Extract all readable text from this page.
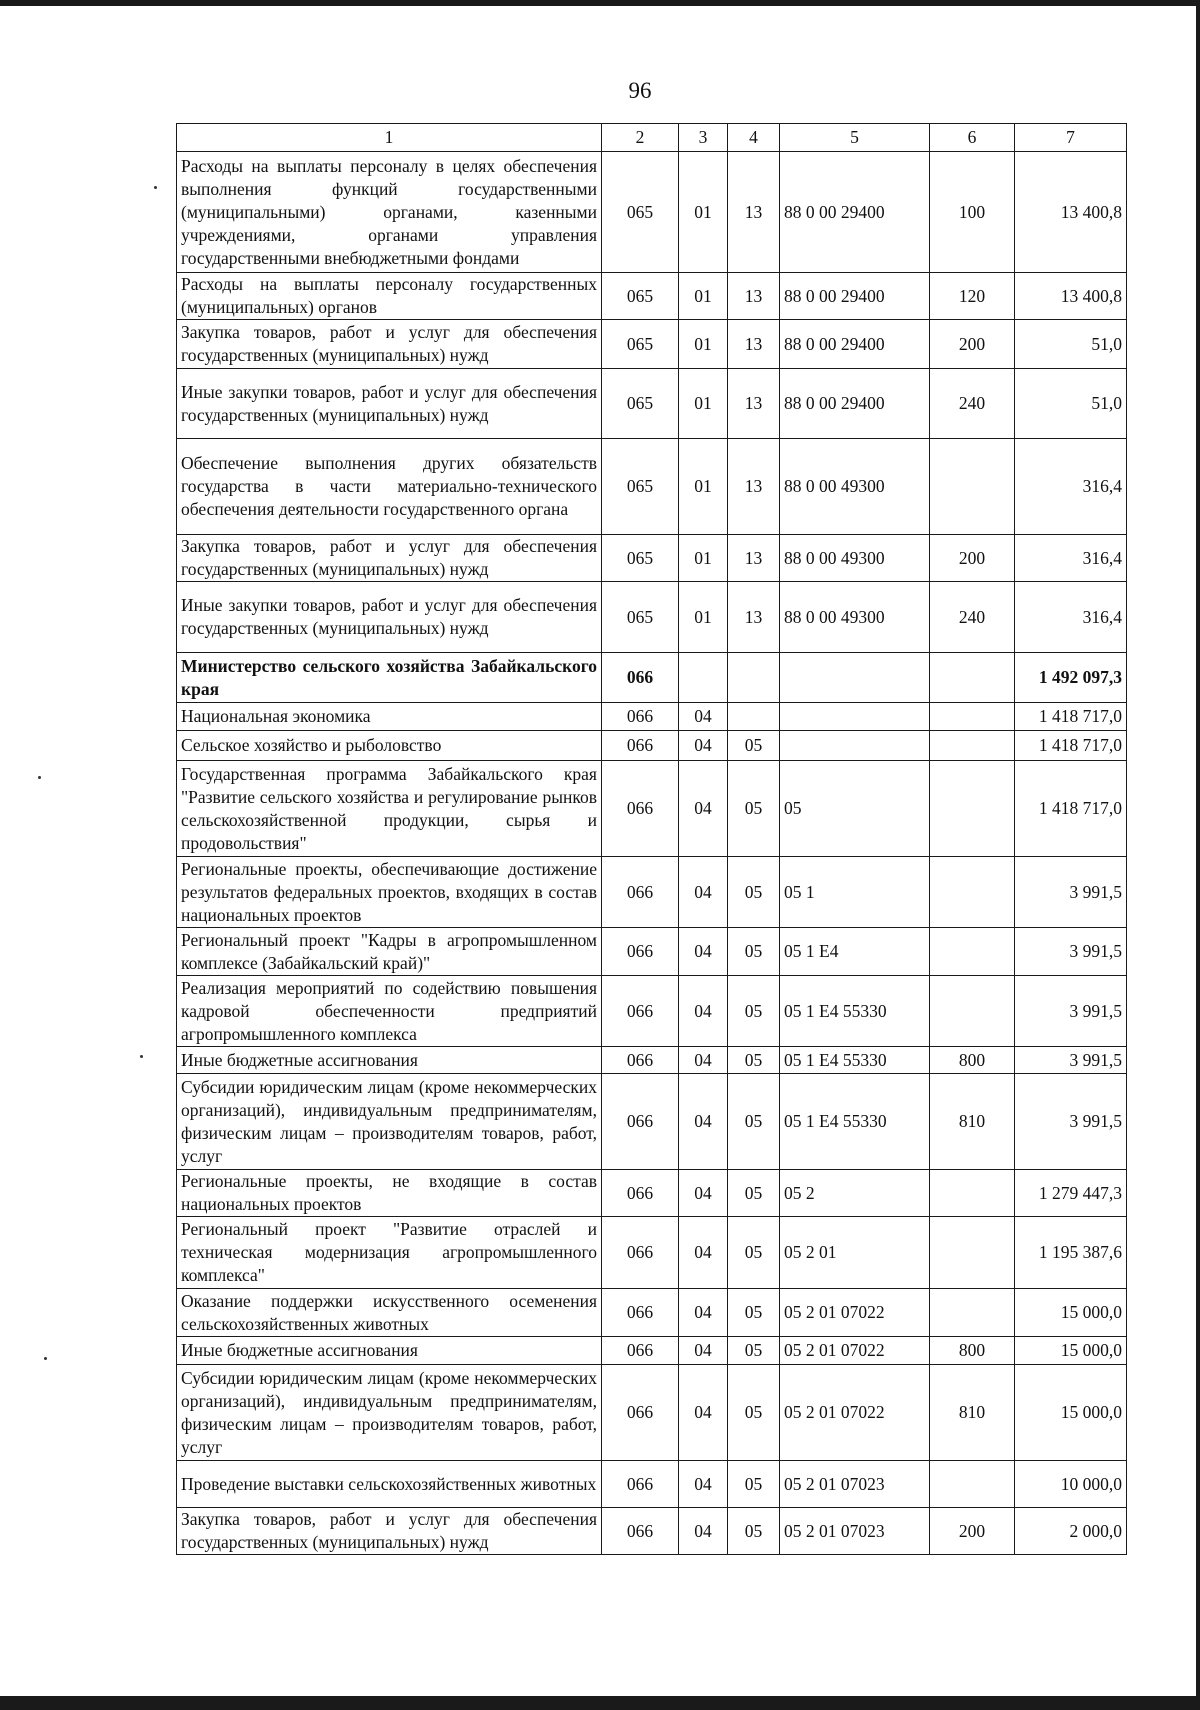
96
1	2	3	4	5	6	7
Расходы на выплаты персоналу в целях обеспечения выполнения функций государственными (муниципальными) органами, казенными учреждениями, органами управления государственными внебюджетными фондами	065	01	13	88 0 00 29400	100	13 400,8
Расходы на выплаты персоналу государственных (муниципальных) органов	065	01	13	88 0 00 29400	120	13 400,8
Закупка товаров, работ и услуг для обеспечения государственных (муниципальных) нужд	065	01	13	88 0 00 29400	200	51,0
Иные закупки товаров, работ и услуг для обеспечения государственных (муниципальных) нужд	065	01	13	88 0 00 29400	240	51,0
Обеспечение выполнения других обязательств государства в части материально-технического обеспечения деятельности государственного органа	065	01	13	88 0 00 49300		316,4
Закупка товаров, работ и услуг для обеспечения государственных (муниципальных) нужд	065	01	13	88 0 00 49300	200	316,4
Иные закупки товаров, работ и услуг для обеспечения государственных (муниципальных) нужд	065	01	13	88 0 00 49300	240	316,4
Министерство сельского хозяйства Забайкальского края	066					1 492 097,3
Национальная экономика	066	04				1 418 717,0
Сельское хозяйство и рыболовство	066	04	05			1 418 717,0
Государственная программа Забайкальского края "Развитие сельского хозяйства и регулирование рынков сельскохозяйственной продукции, сырья и продовольствия"	066	04	05	05		1 418 717,0
Региональные проекты, обеспечивающие достижение результатов федеральных проектов, входящих в состав национальных проектов	066	04	05	05 1		3 991,5
Региональный проект "Кадры в агропромышленном комплексе (Забайкальский край)"	066	04	05	05 1 Е4		3 991,5
Реализация мероприятий по содействию повышения кадровой обеспеченности предприятий агропромышленного комплекса	066	04	05	05 1 Е4 55330		3 991,5
Иные бюджетные ассигнования	066	04	05	05 1 Е4 55330	800	3 991,5
Субсидии юридическим лицам (кроме некоммерческих организаций), индивидуальным предпринимателям, физическим лицам – производителям товаров, работ, услуг	066	04	05	05 1 Е4 55330	810	3 991,5
Региональные проекты, не входящие в состав национальных проектов	066	04	05	05 2		1 279 447,3
Региональный проект "Развитие отраслей и техническая модернизация агропромышленного комплекса"	066	04	05	05 2 01		1 195 387,6
Оказание поддержки искусственного осеменения сельскохозяйственных животных	066	04	05	05 2 01 07022		15 000,0
Иные бюджетные ассигнования	066	04	05	05 2 01 07022	800	15 000,0
Субсидии юридическим лицам (кроме некоммерческих организаций), индивидуальным предпринимателям, физическим лицам – производителям товаров, работ, услуг	066	04	05	05 2 01 07022	810	15 000,0
Проведение выставки сельскохозяйственных животных	066	04	05	05 2 01 07023		10 000,0
Закупка товаров, работ и услуг для обеспечения государственных (муниципальных) нужд	066	04	05	05 2 01 07023	200	2 000,0
